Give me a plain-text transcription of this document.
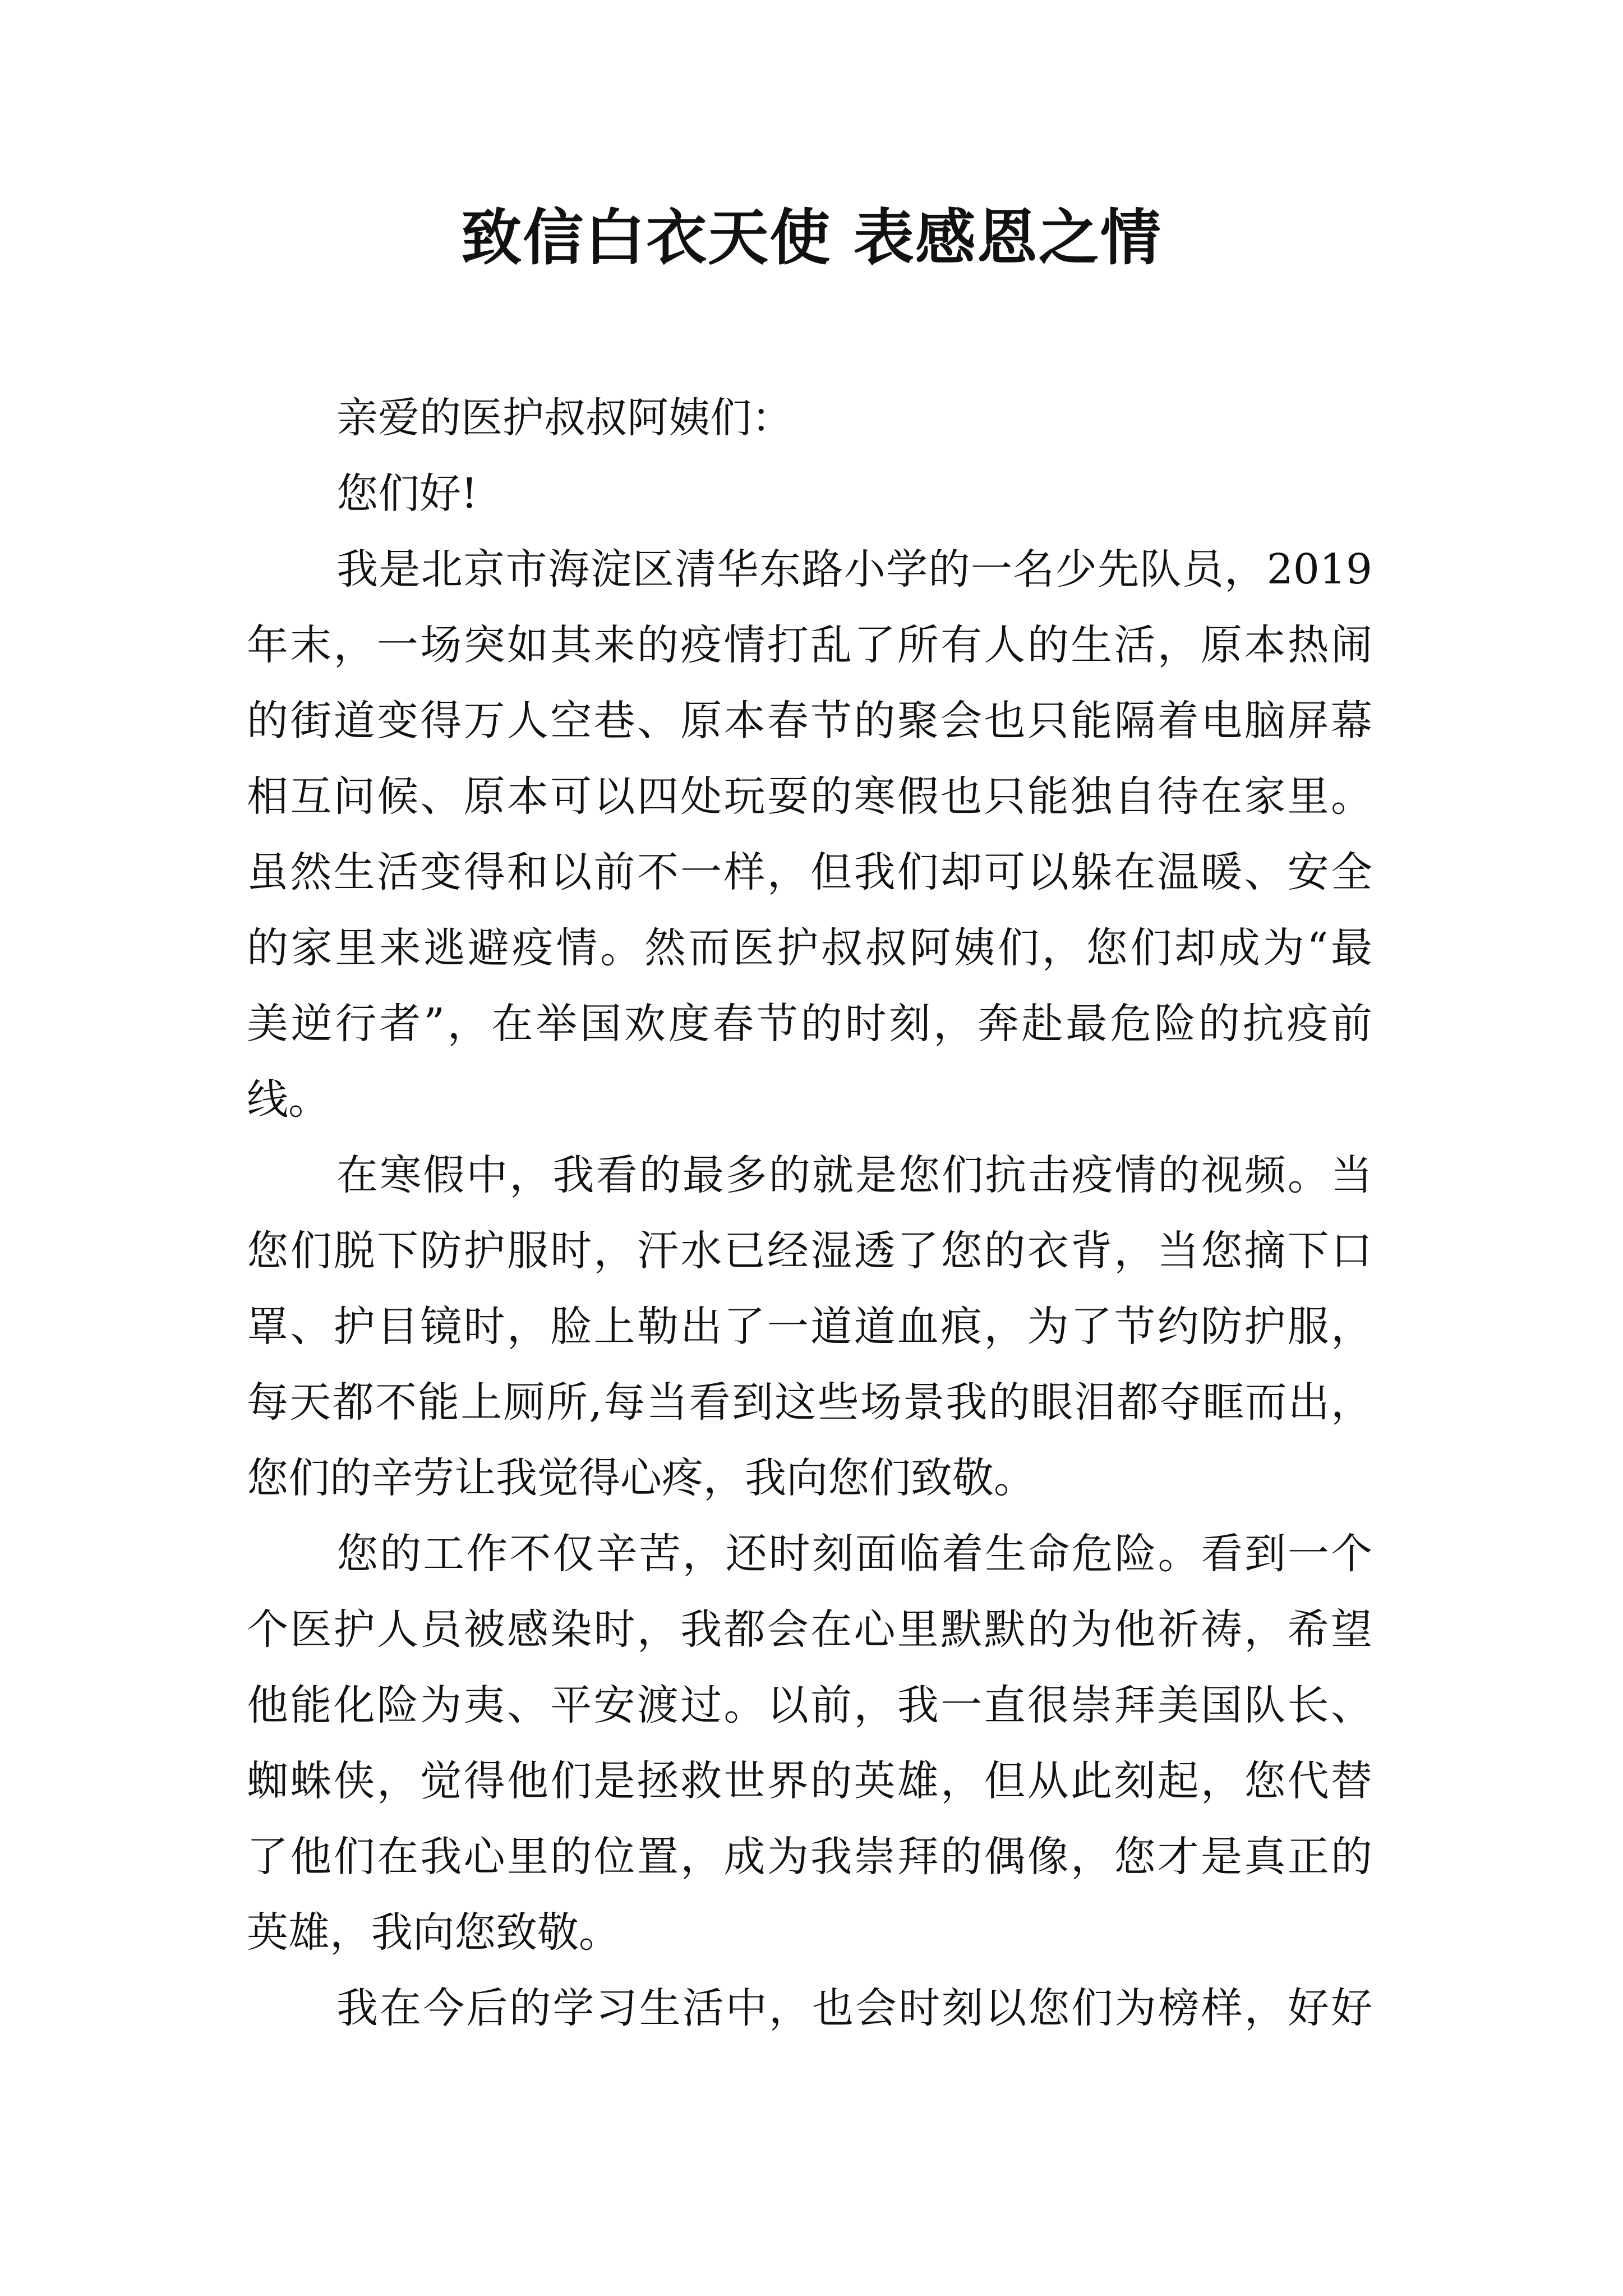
致信白衣天使 表感恩之情

亲爱的医护叔叔阿姨们：

您们好!

我是北京市海淀区清华东路小学的一名少先队员，2019

年末，一场突如其来的疫情打乱了所有人的生活，原本热闹

的街道变得万人空巷、原本春节的聚会也只能隔着电脑屏幕

相互问候、原本可以四处玩耍的寒假也只能独自待在家里。

虽然生活变得和以前不一样，但我们却可以躲在温暖、安全

的家里来逃避疫情。然而医护叔叔阿姨们，您们却成为“最

美逆行者”，在举国欢度春节的时刻，奔赴最危险的抗疫前

线。

在寒假中，我看的最多的就是您们抗击疫情的视频。当

您们脱下防护服时，汗水已经湿透了您的衣背，当您摘下口

罩、护目镜时，脸上勒出了一道道血痕，为了节约防护服，

每天都不能上厕所,每当看到这些场景我的眼泪都夺眶而出，

您们的辛劳让我觉得心疼，我向您们致敬。

您的工作不仅辛苦，还时刻面临着生命危险。看到一个

个医护人员被感染时，我都会在心里默默的为他祈祷，希望

他能化险为夷、平安渡过。以前，我一直很崇拜美国队长、

蜘蛛侠，觉得他们是拯救世界的英雄，但从此刻起，您代替

了他们在我心里的位置，成为我崇拜的偶像，您才是真正的

英雄，我向您致敬。

我在今后的学习生活中，也会时刻以您们为榜样，好好
